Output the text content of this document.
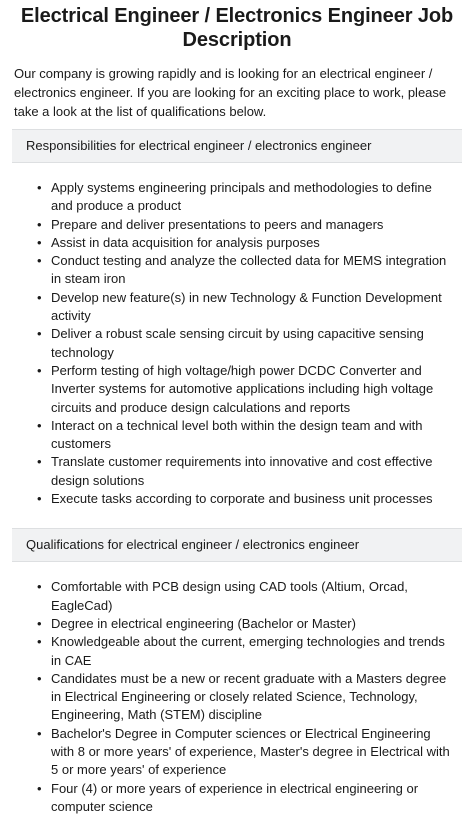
Electrical Engineer / Electronics Engineer Job Description

Our company is growing rapidly and is looking for an electrical engineer / electronics engineer. If you are looking for an exciting place to work, please take a look at the list of qualifications below.

Responsibilities for electrical engineer / electronics engineer
• Apply systems engineering principals and methodologies to define and produce a product
• Prepare and deliver presentations to peers and managers
• Assist in data acquisition for analysis purposes
• Conduct testing and analyze the collected data for MEMS integration in steam iron
• Develop new feature(s) in new Technology & Function Development activity
• Deliver a robust scale sensing circuit by using capacitive sensing technology
• Perform testing of high voltage/high power DCDC Converter and Inverter systems for automotive applications including high voltage circuits and produce design calculations and reports
• Interact on a technical level both within the design team and with customers
• Translate customer requirements into innovative and cost effective design solutions
• Execute tasks according to corporate and business unit processes
Qualifications for electrical engineer / electronics engineer
• Comfortable with PCB design using CAD tools (Altium, Orcad, EagleCad)
• Degree in electrical engineering (Bachelor or Master)
• Knowledgeable about the current, emerging technologies and trends in CAE
• Candidates must be a new or recent graduate with a Masters degree in Electrical Engineering or closely related Science, Technology, Engineering, Math (STEM) discipline
• Bachelor's Degree in Computer sciences or Electrical Engineering with 8 or more years' of experience, Master's degree in Electrical with 5 or more years' of experience
• Four (4) or more years of experience in electrical engineering or computer science
